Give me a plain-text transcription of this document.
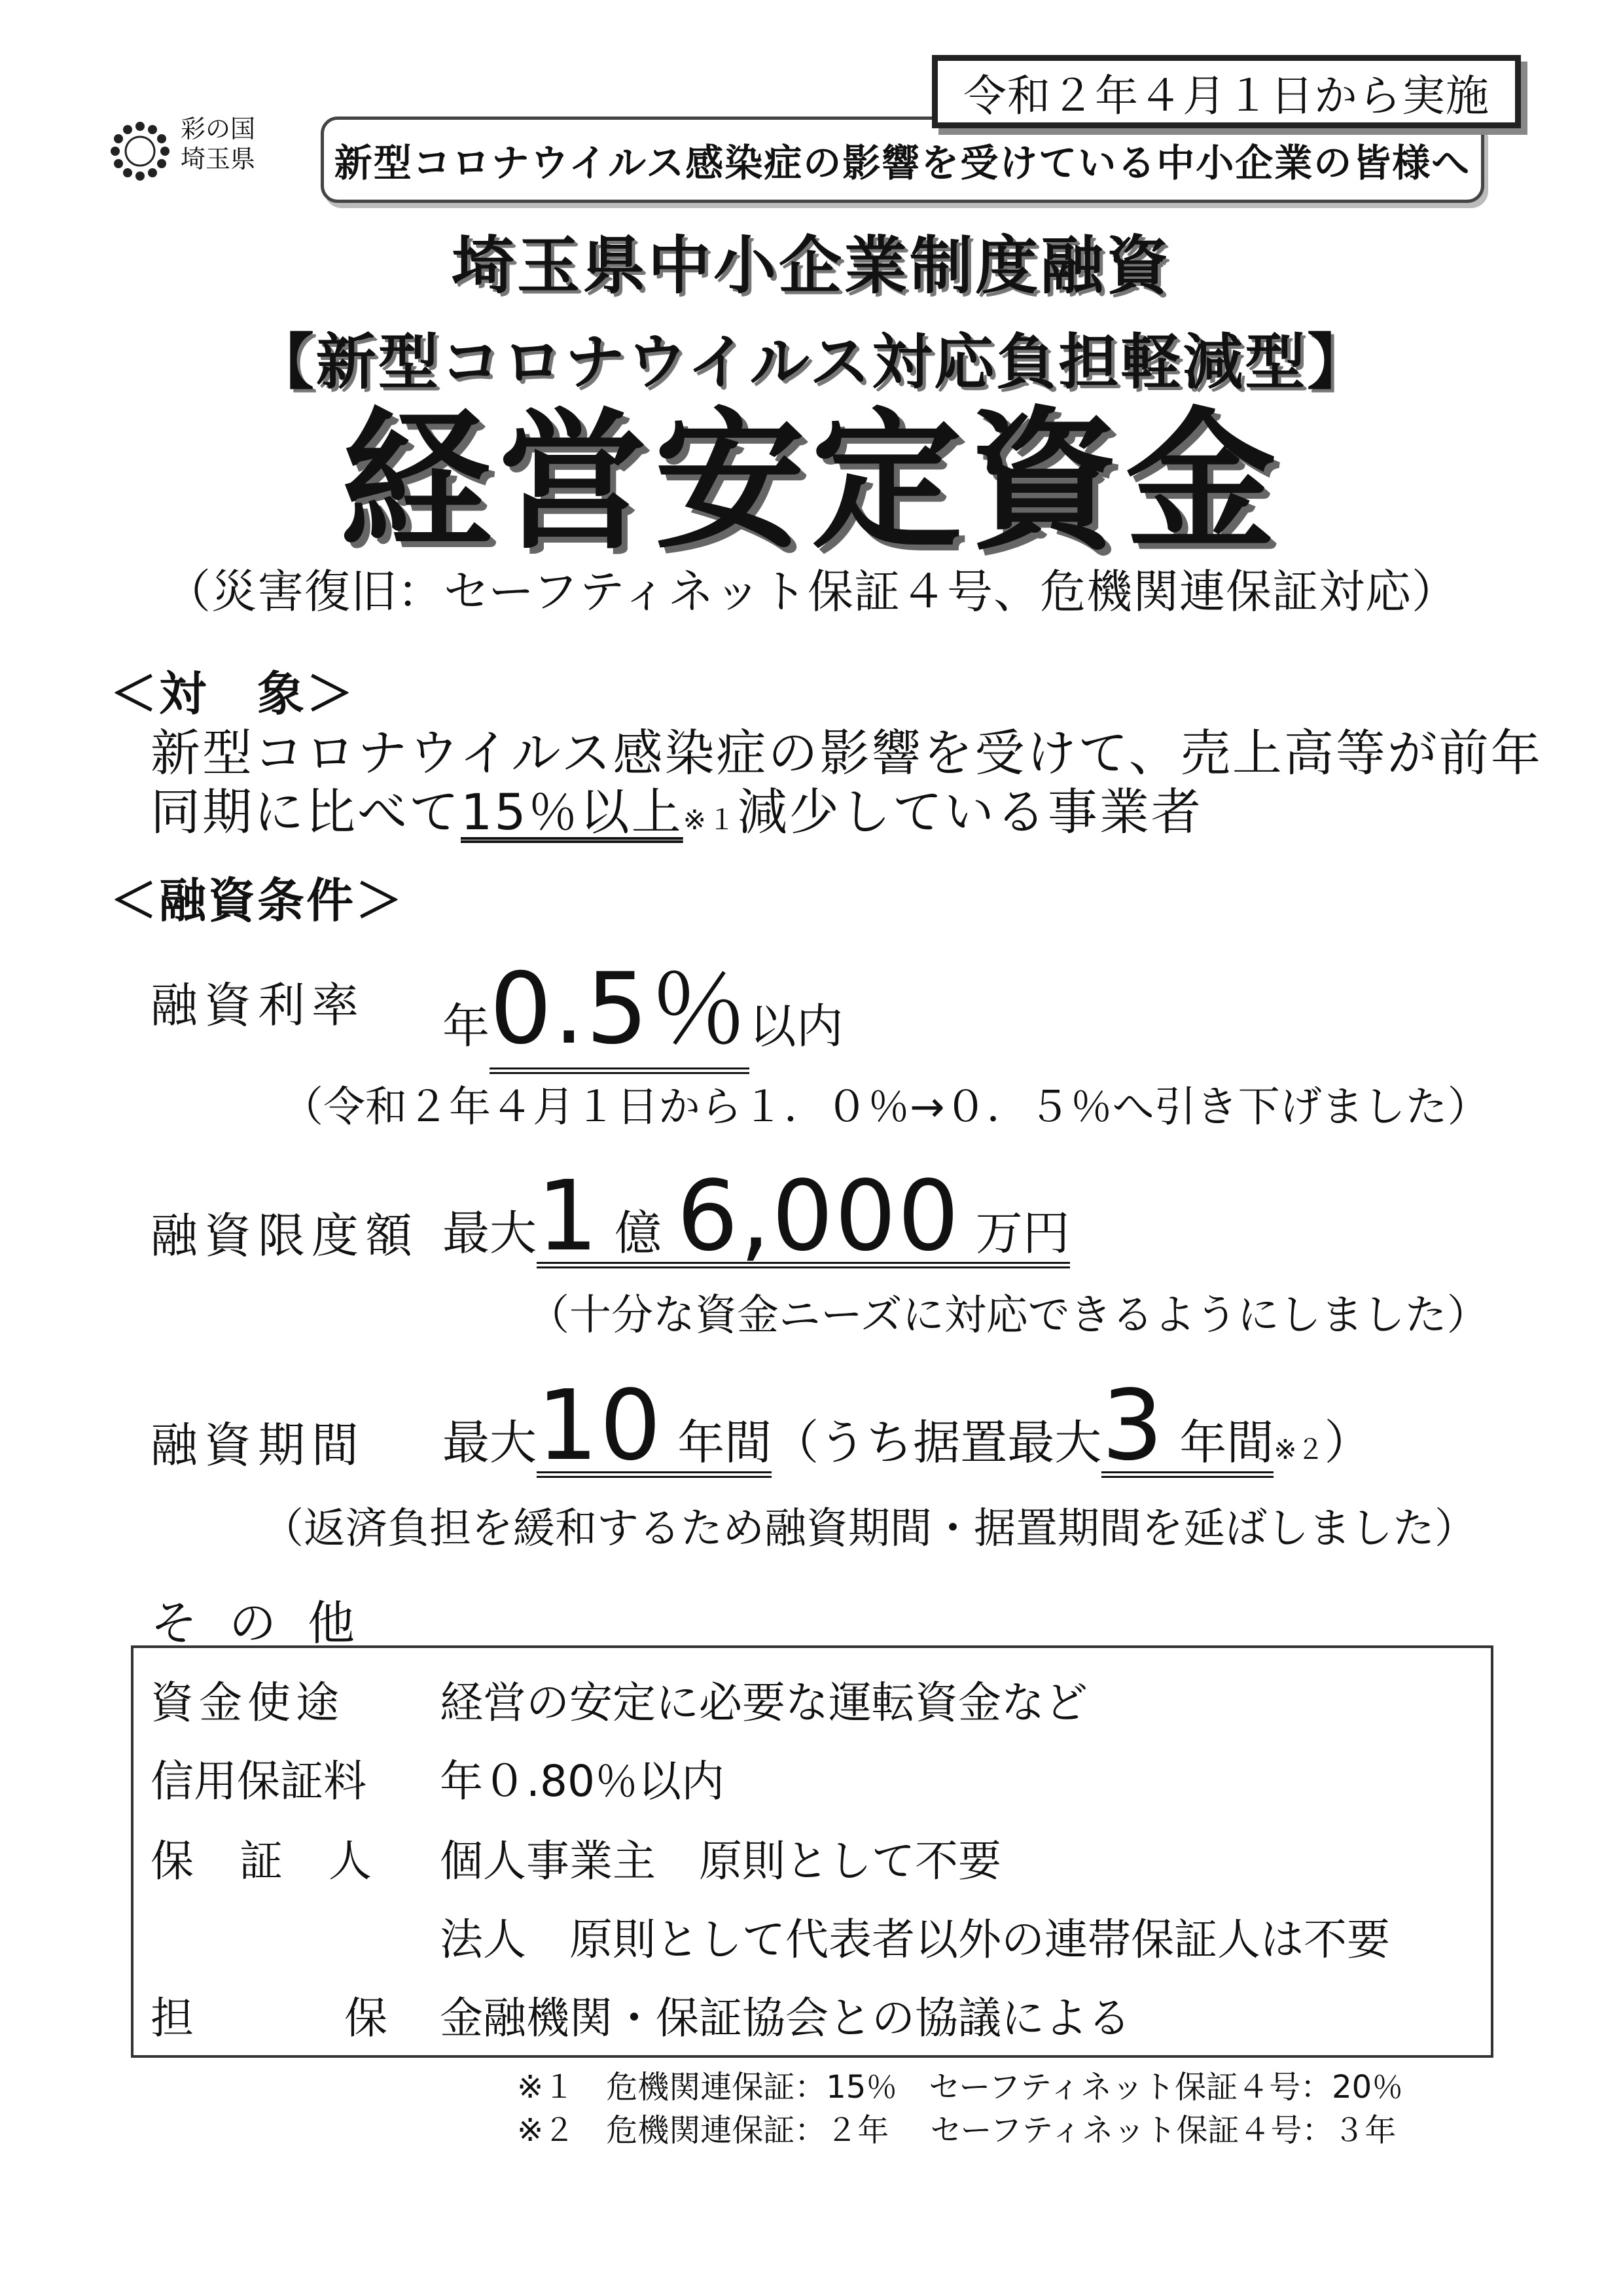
令和２年４月１日から実施
彩の国
埼玉県	新型コロナウイルス感染症の影響を受けている中小企業の皆様へ
埼玉県中小企業制度融資
【新型コロナウイルス対応負担軽減型】
経営安定資金
（災害復旧：セーフティネット保証４号、危機関連保証対応）
＜対　象＞
新型コロナウイルス感染症の影響を受けて、売上高等が前年
同期に比べて15％以上※１減少している事業者
＜融資条件＞
融資利率 年0.5％以内
（令和２年４月１日から１．０％→０．５％へ引き下げました）
融資限度額 最大1 億 6,000 万円
（十分な資金ニーズに対応できるようにしました）
融資期間 最大10 年間（うち据置最大3 年間※２）
（返済負担を緩和するため融資期間・据置期間を延ばしました）
その他
資金使途 経営の安定に必要な運転資金など
信用保証料 年０.80％以内
保証人 個人事業主　原則として不要
法人　原則として代表者以外の連帯保証人は不要
担保
金融機関・保証協会との協議による
※１　危機関連保証：15％　セーフティネット保証４号：20％
※２　危機関連保証：２年　 セーフティネット保証４号：３年
